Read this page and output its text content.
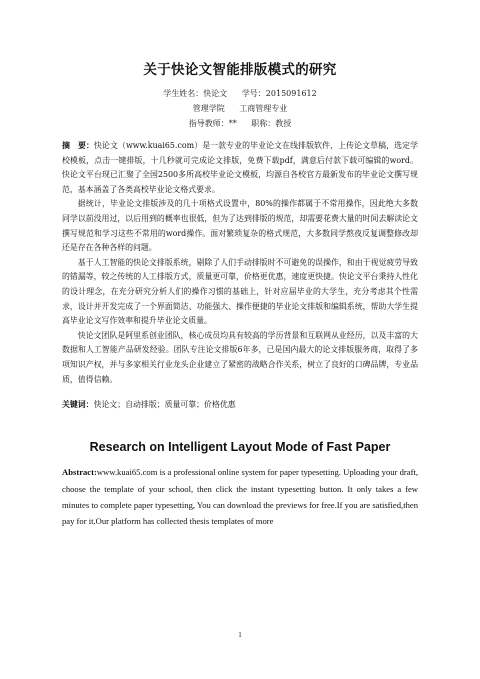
关于快论文智能排版模式的研究
学生姓名：快论文 学号：2015091612
管理学院 工商管理专业
指导教师：** 职称：教授

摘　要：快论文（www.kuai65.com）是一款专业的毕业论文在线排版软件，上传论文草稿，选定学校模板，点击一键排版，十几秒就可完成论文排版，免费下载pdf，满意后付款下载可编辑的word。快论文平台现已汇聚了全国2500多所高校毕业论文模板，均源自各校官方最新发布的毕业论文撰写规范，基本涵盖了各类高校毕业论文格式要求。

据统计，毕业论文排版涉及的几十项格式设置中，80%的操作都属于不常用操作，因此绝大多数同学以前没用过，以后用到的概率也很低，但为了达到排版的规范，却需要花费大量的时间去解读论文撰写规范和学习这些不常用的word操作。面对繁琐复杂的格式规范，大多数同学熬夜反复调整修改却还是存在各种各样的问题。

基于人工智能的快论文排版系统，剔除了人们手动排版时不可避免的误操作，和由于视觉疲劳导致的错漏等，较之传统的人工排版方式，质量更可靠，价格更优惠，速度更快捷。快论文平台秉持人性化的设计理念，在充分研究分析人们的操作习惯的基础上，针对应届毕业的大学生，充分考虑其个性需求，设计并开发完成了一个界面简洁、功能强大、操作便捷的毕业论文排版和编辑系统，帮助大学生提高毕业论文写作效率和提升毕业论文质量。

快论文团队是阿里系创业团队，核心成员均具有较高的学历背景和互联网从业经历，以及丰富的大数据和人工智能产品研发经验。团队专注论文排版6年多，已是国内最大的论文排版服务商，取得了多项知识产权，并与多家相关行业龙头企业建立了紧密的战略合作关系，树立了良好的口碑品牌，专业品质，值得信赖。

关键词：快论文；自动排版；质量可靠；价格优惠
Research on Intelligent Layout Mode of Fast Paper

Abstract:www.kuai65.com is a professional online system for paper typesetting. Uploading your draft, choose the template of your school, then click the instant typesetting button. It only takes a few minutes to complete paper typesetting, You can download the previews for free.If you are satisfied,then pay for it.Our platform has collected thesis templates of more

1
